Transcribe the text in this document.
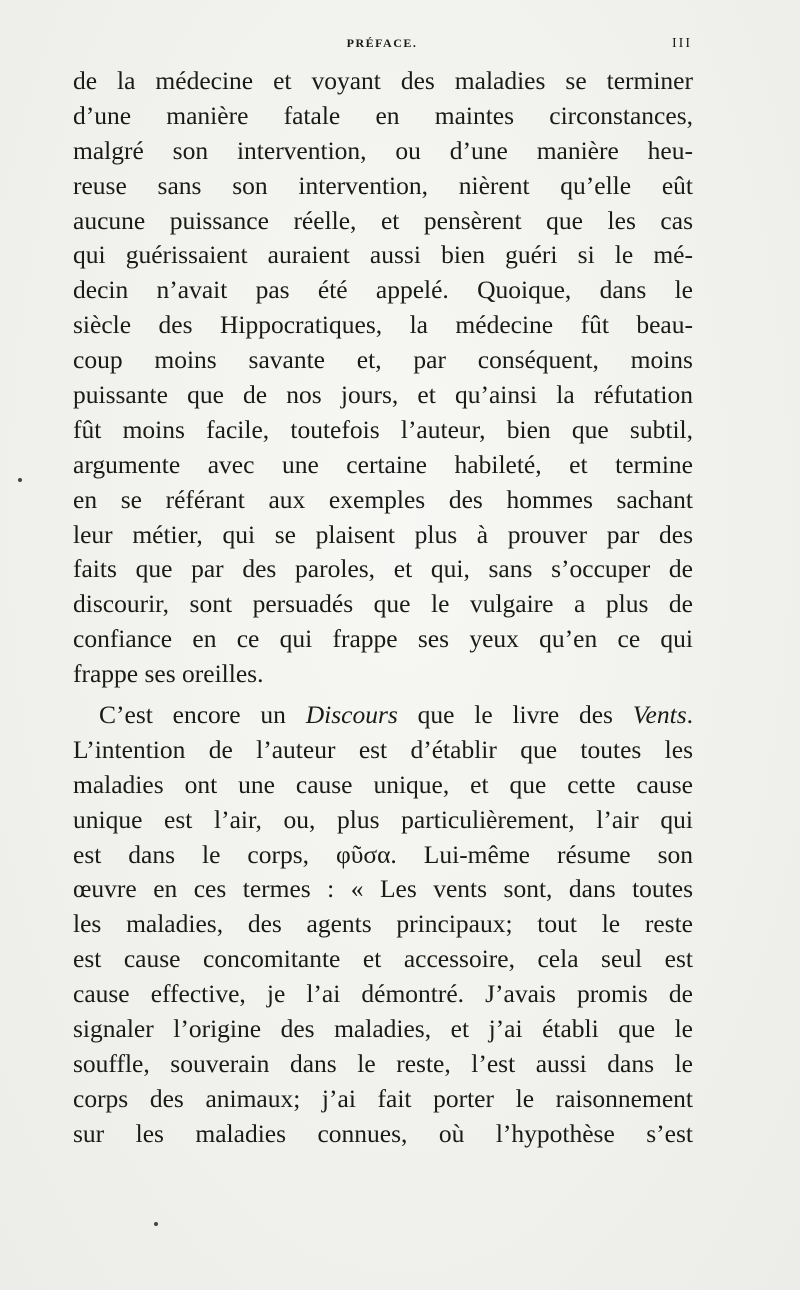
PRÉFACE.	III
de la médecine et voyant des maladies se terminer
d’une manière fatale en maintes circonstances,
malgré son intervention, ou d’une manière heu-
reuse sans son intervention, nièrent qu’elle eût
aucune puissance réelle, et pensèrent que les cas
qui guérissaient auraient aussi bien guéri si le mé-
decin n’avait pas été appelé. Quoique, dans le
siècle des Hippocratiques, la médecine fût beau-
coup moins savante et, par conséquent, moins
puissante que de nos jours, et qu’ainsi la réfutation
fût moins facile, toutefois l’auteur, bien que subtil,
argumente avec une certaine habileté, et termine
en se référant aux exemples des hommes sachant
leur métier, qui se plaisent plus à prouver par des
faits que par des paroles, et qui, sans s’occuper de
discourir, sont persuadés que le vulgaire a plus de
confiance en ce qui frappe ses yeux qu’en ce qui
frappe ses oreilles.
C’est encore un Discours que le livre des Vents.
L’intention de l’auteur est d’établir que toutes les
maladies ont une cause unique, et que cette cause
unique est l’air, ou, plus particulièrement, l’air qui
est dans le corps, φῦσα. Lui-même résume son
œuvre en ces termes : « Les vents sont, dans toutes
les maladies, des agents principaux; tout le reste
est cause concomitante et accessoire, cela seul est
cause effective, je l’ai démontré. J’avais promis de
signaler l’origine des maladies, et j’ai établi que le
souffle, souverain dans le reste, l’est aussi dans le
corps des animaux; j’ai fait porter le raisonnement
sur les maladies connues, où l’hypothèse s’est
